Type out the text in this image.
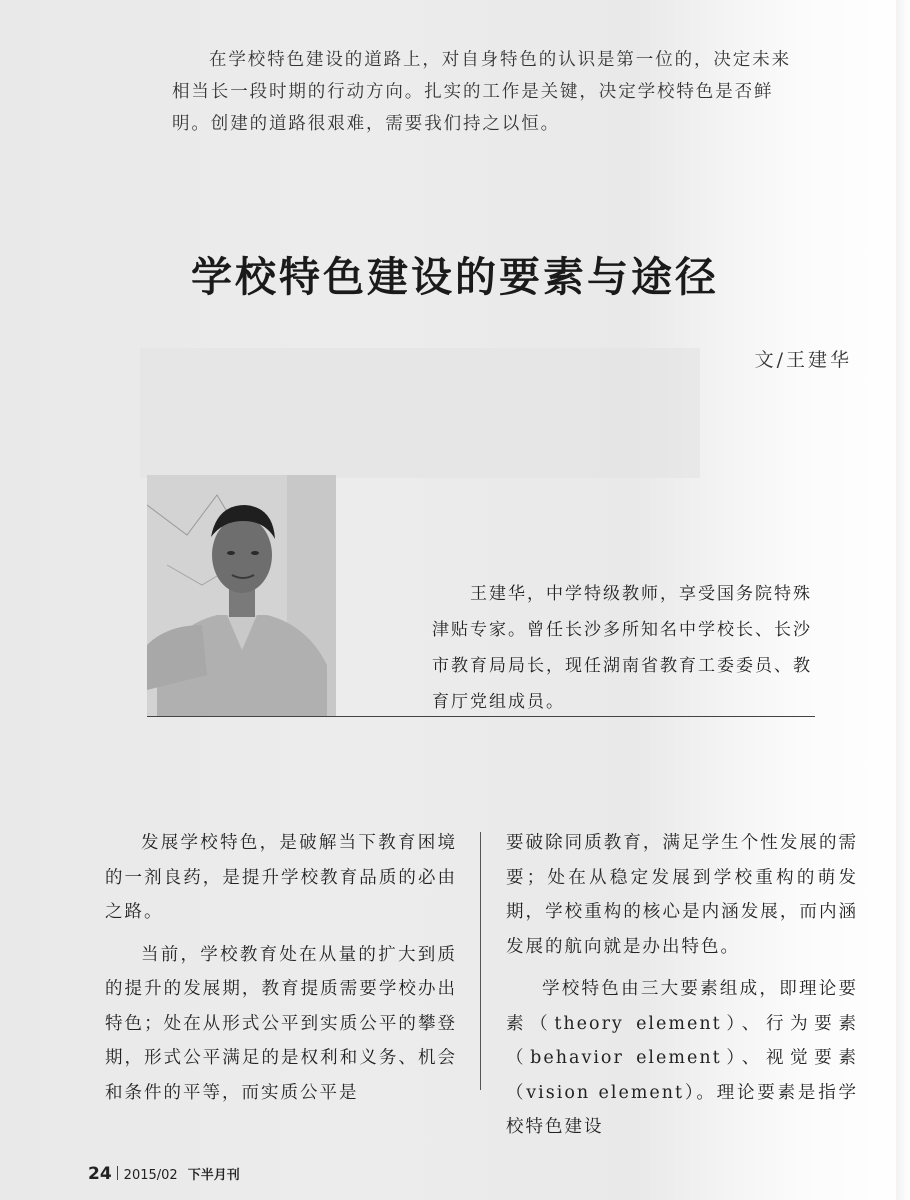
在学校特色建设的道路上，对自身特色的认识是第一位的，决定未来相当长一段时期的行动方向。扎实的工作是关键，决定学校特色是否鲜明。创建的道路很艰难，需要我们持之以恒。

学校特色建设的要素与途径
文/王建华

王建华，中学特级教师，享受国务院特殊津贴专家。曾任长沙多所知名中学校长、长沙市教育局局长，现任湖南省教育工委委员、教育厅党组成员。

发展学校特色，是破解当下教育困境的一剂良药，是提升学校教育品质的必由之路。

当前，学校教育处在从量的扩大到质的提升的发展期，教育提质需要学校办出特色；处在从形式公平到实质公平的攀登期，形式公平满足的是权利和义务、机会和条件的平等，而实质公平是

要破除同质教育，满足学生个性发展的需要；处在从稳定发展到学校重构的萌发期，学校重构的核心是内涵发展，而内涵发展的航向就是办出特色。

学校特色由三大要素组成，即理论要素（theory element）、行为要素（behavior element）、视觉要素（vision element）。理论要素是指学校特色建设

24 2015/02 下半月刊
